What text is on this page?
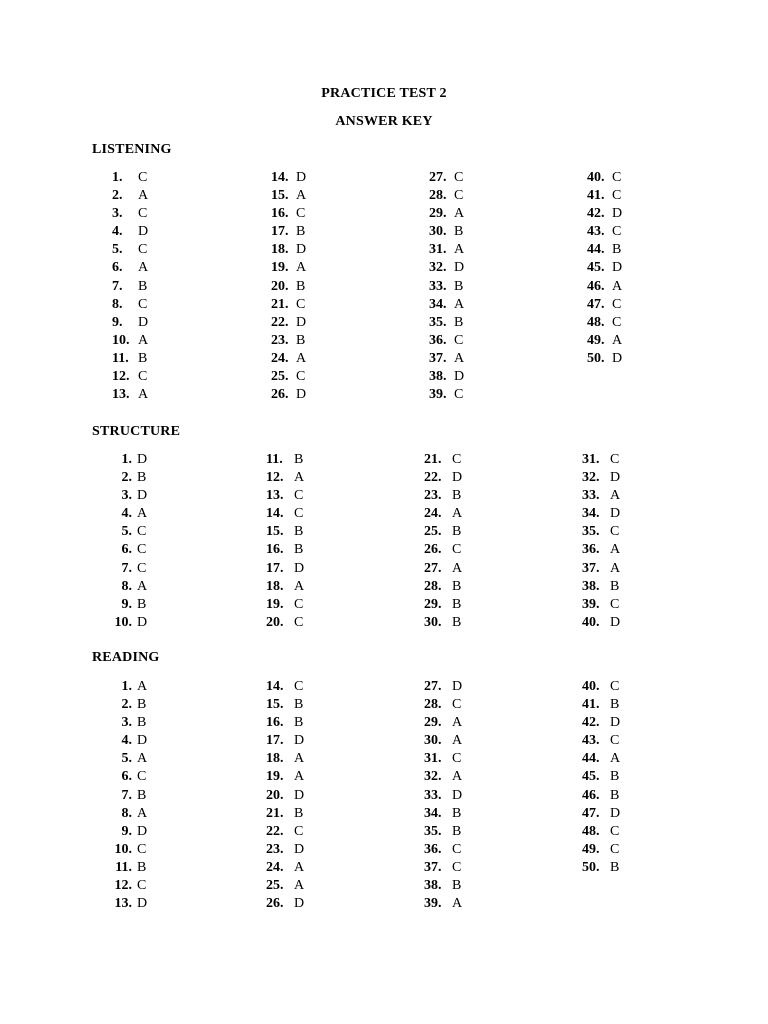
PRACTICE TEST 2
ANSWER KEY
LISTENING
1. C
2. A
3. C
4. D
5. C
6. A
7. B
8. C
9. D
10. A
11. B
12. C
13. A
14. D
15. A
16. C
17. B
18. D
19. A
20. B
21. C
22. D
23. B
24. A
25. C
26. D
27. C
28. C
29. A
30. B
31. A
32. D
33. B
34. A
35. B
36. C
37. A
38. D
39. C
40. C
41. C
42. D
43. C
44. B
45. D
46. A
47. C
48. C
49. A
50. D
STRUCTURE
1. D
2. B
3. D
4. A
5. C
6. C
7. C
8. A
9. B
10. D
11. B
12. A
13. C
14. C
15. B
16. B
17. D
18. A
19. C
20. C
21. C
22. D
23. B
24. A
25. B
26. C
27. A
28. B
29. B
30. B
31. C
32. D
33. A
34. D
35. C
36. A
37. A
38. B
39. C
40. D
READING
1. A
2. B
3. B
4. D
5. A
6. C
7. B
8. A
9. D
10. C
11. B
12. C
13. D
14. C
15. B
16. B
17. D
18. A
19. A
20. D
21. B
22. C
23. D
24. A
25. A
26. D
27. D
28. C
29. A
30. A
31. C
32. A
33. D
34. B
35. B
36. C
37. C
38. B
39. A
40. C
41. B
42. D
43. C
44. A
45. B
46. B
47. D
48. C
49. C
50. B
